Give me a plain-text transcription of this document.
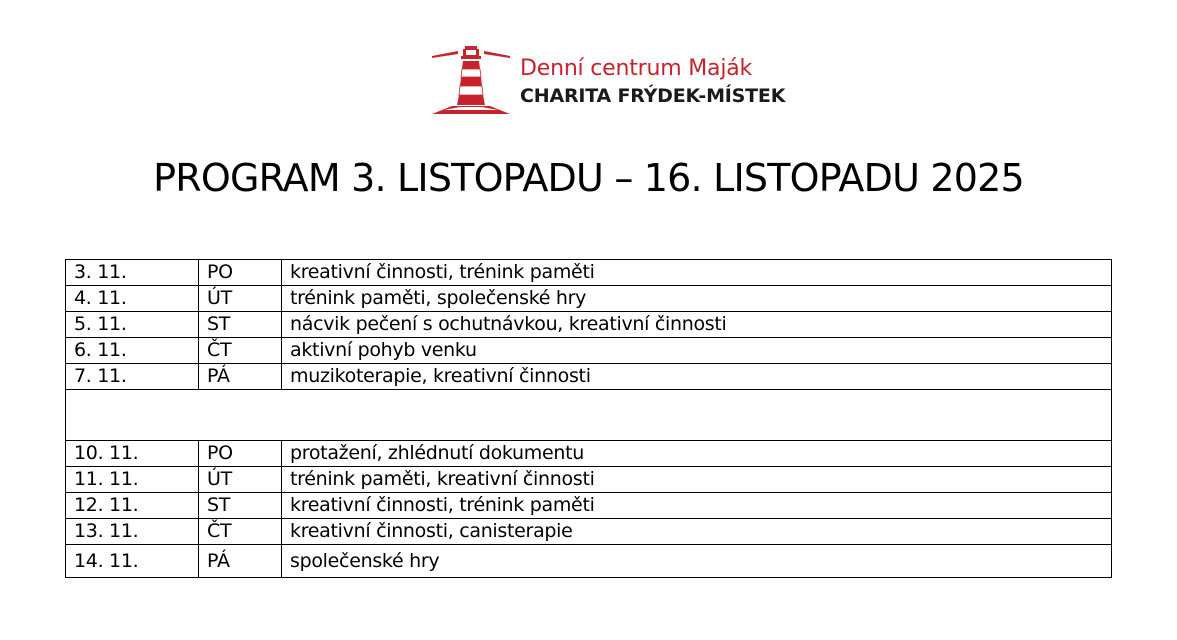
Denní centrum Maják
CHARITA FRÝDEK-MÍSTEK
PROGRAM 3. LISTOPADU – 16. LISTOPADU 2025
3. 11.	PO	kreativní činnosti, trénink paměti
4. 11.	ÚT	trénink paměti, společenské hry
5. 11.	ST	nácvik pečení s ochutnávkou, kreativní činnosti
6. 11.	ČT	aktivní pohyb venku
7. 11.	PÁ	muzikoterapie, kreativní činnosti

10. 11.	PO	protažení, zhlédnutí dokumentu
11. 11.	ÚT	trénink paměti, kreativní činnosti
12. 11.	ST	kreativní činnosti, trénink paměti
13. 11.	ČT	kreativní činnosti, canisterapie
14. 11.	PÁ	společenské hry
